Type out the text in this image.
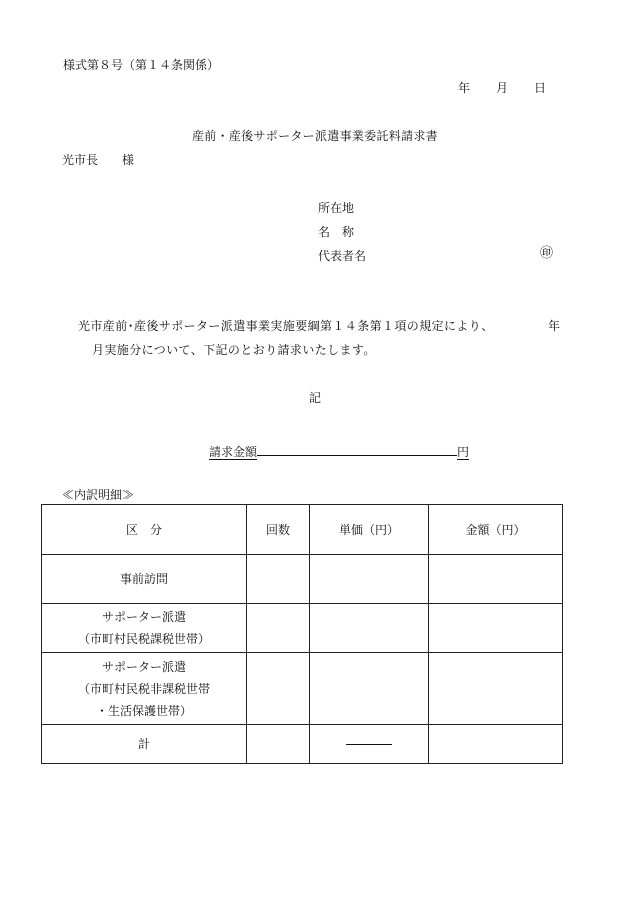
様式第８号（第１４条関係）
年 月 日
産前・産後サポーター派遣事業委託料請求書
光市長 様
所在地
名　称
代表者名	㊞
光市産前･産後サポーター派遣事業実施要綱第１４条第１項の規定により、	年
月実施分について、下記のとおり請求いたします。
記
請求金額	円
≪内訳明細≫
区　分	回数	単価（円）	金額（円）

事前訪問			

サポーター派遣
（市町村民税課税世帯）			

サポーター派遣
（市町村民税非課税世帯
・生活保護世帯）			

計			
